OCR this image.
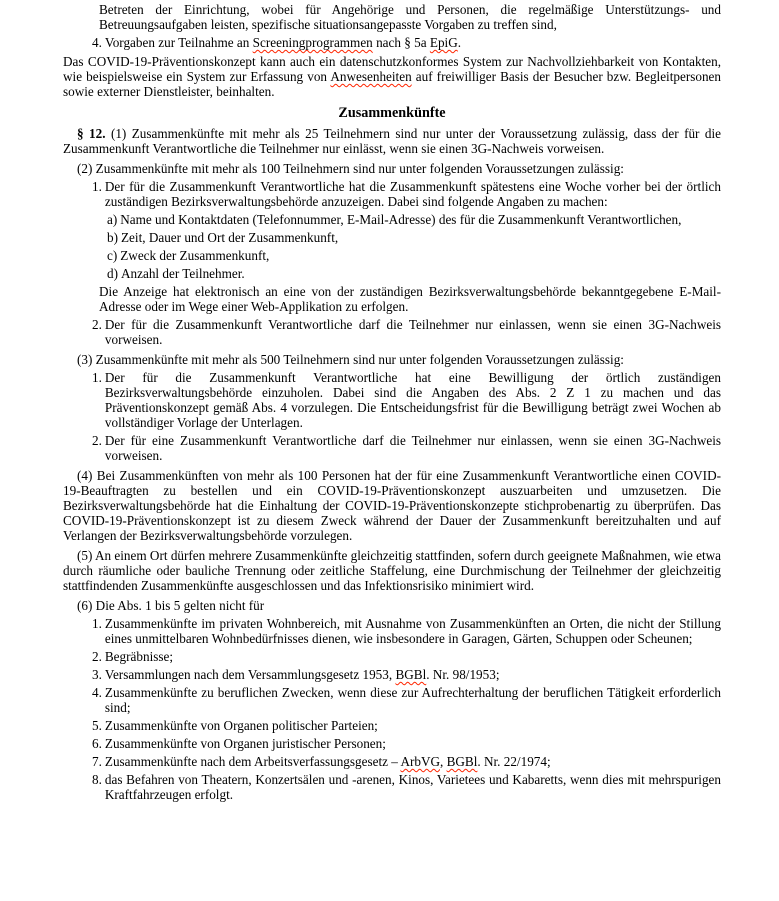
Betreten der Einrichtung, wobei für Angehörige und Personen, die regelmäßige Unterstützungs- und Betreuungsaufgaben leisten, spezifische situationsangepasste Vorgaben zu treffen sind,
4. Vorgaben zur Teilnahme an Screeningprogrammen nach § 5a EpiG.
Das COVID-19-Präventionskonzept kann auch ein datenschutzkonformes System zur Nachvollziehbarkeit von Kontakten, wie beispielsweise ein System zur Erfassung von Anwesenheiten auf freiwilliger Basis der Besucher bzw. Begleitpersonen sowie externer Dienstleister, beinhalten.
Zusammenkünfte
§ 12. (1) Zusammenkünfte mit mehr als 25 Teilnehmern sind nur unter der Voraussetzung zulässig, dass der für die Zusammenkunft Verantwortliche die Teilnehmer nur einlässt, wenn sie einen 3G-Nachweis vorweisen.
(2) Zusammenkünfte mit mehr als 100 Teilnehmern sind nur unter folgenden Voraussetzungen zulässig:
1. Der für die Zusammenkunft Verantwortliche hat die Zusammenkunft spätestens eine Woche vorher bei der örtlich zuständigen Bezirksverwaltungsbehörde anzuzeigen. Dabei sind folgende Angaben zu machen:
a) Name und Kontaktdaten (Telefonnummer, E-Mail-Adresse) des für die Zusammenkunft Verantwortlichen,
b) Zeit, Dauer und Ort der Zusammenkunft,
c) Zweck der Zusammenkunft,
d) Anzahl der Teilnehmer.
Die Anzeige hat elektronisch an eine von der zuständigen Bezirksverwaltungsbehörde bekanntgegebene E-Mail-Adresse oder im Wege einer Web-Applikation zu erfolgen.
2. Der für die Zusammenkunft Verantwortliche darf die Teilnehmer nur einlassen, wenn sie einen 3G-Nachweis vorweisen.
(3) Zusammenkünfte mit mehr als 500 Teilnehmern sind nur unter folgenden Voraussetzungen zulässig:
1. Der für die Zusammenkunft Verantwortliche hat eine Bewilligung der örtlich zuständigen Bezirksverwaltungsbehörde einzuholen. Dabei sind die Angaben des Abs. 2 Z 1 zu machen und das Präventionskonzept gemäß Abs. 4 vorzulegen. Die Entscheidungsfrist für die Bewilligung beträgt zwei Wochen ab vollständiger Vorlage der Unterlagen.
2. Der für eine Zusammenkunft Verantwortliche darf die Teilnehmer nur einlassen, wenn sie einen 3G-Nachweis vorweisen.
(4) Bei Zusammenkünften von mehr als 100 Personen hat der für eine Zusammenkunft Verantwortliche einen COVID-19-Beauftragten zu bestellen und ein COVID-19-Präventionskonzept auszuarbeiten und umzusetzen. Die Bezirksverwaltungsbehörde hat die Einhaltung der COVID-19-Präventionskonzepte stichprobenartig zu überprüfen. Das COVID-19-Präventionskonzept ist zu diesem Zweck während der Dauer der Zusammenkunft bereitzuhalten und auf Verlangen der Bezirksverwaltungsbehörde vorzulegen.
(5) An einem Ort dürfen mehrere Zusammenkünfte gleichzeitig stattfinden, sofern durch geeignete Maßnahmen, wie etwa durch räumliche oder bauliche Trennung oder zeitliche Staffelung, eine Durchmischung der Teilnehmer der gleichzeitig stattfindenden Zusammenkünfte ausgeschlossen und das Infektionsrisiko minimiert wird.
(6) Die Abs. 1 bis 5 gelten nicht für
1. Zusammenkünfte im privaten Wohnbereich, mit Ausnahme von Zusammenkünften an Orten, die nicht der Stillung eines unmittelbaren Wohnbedürfnisses dienen, wie insbesondere in Garagen, Gärten, Schuppen oder Scheunen;
2. Begräbnisse;
3. Versammlungen nach dem Versammlungsgesetz 1953, BGBl. Nr. 98/1953;
4. Zusammenkünfte zu beruflichen Zwecken, wenn diese zur Aufrechterhaltung der beruflichen Tätigkeit erforderlich sind;
5. Zusammenkünfte von Organen politischer Parteien;
6. Zusammenkünfte von Organen juristischer Personen;
7. Zusammenkünfte nach dem Arbeitsverfassungsgesetz – ArbVG, BGBl. Nr. 22/1974;
8. das Befahren von Theatern, Konzertsälen und -arenen, Kinos, Varietees und Kabaretts, wenn dies mit mehrspurigen Kraftfahrzeugen erfolgt.
